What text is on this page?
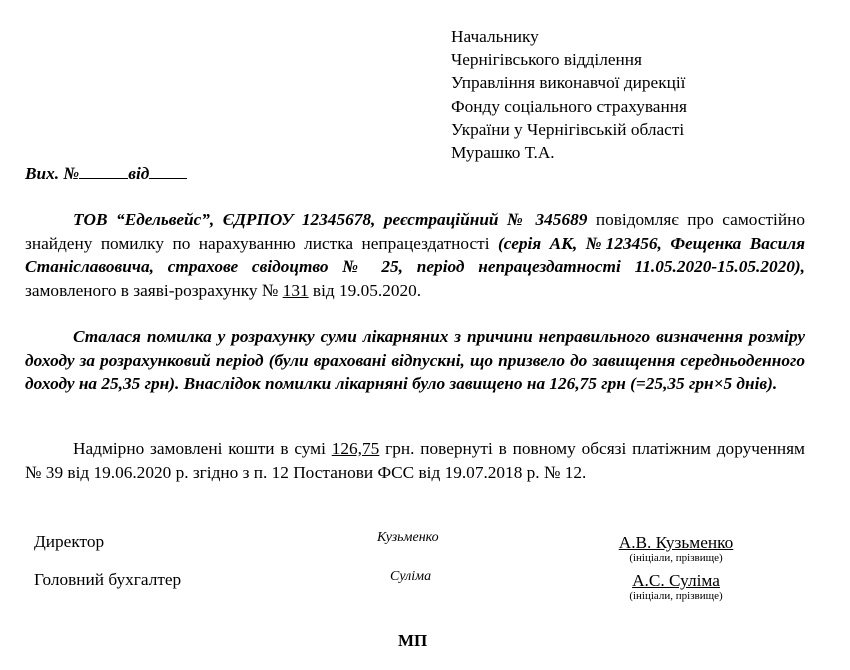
Начальнику
Чернігівського відділення
Управління виконавчої дирекції
Фонду соціального страхування
України у Чернігівській області
Мурашко Т.А.
Вих. №	від

ТОВ “Едельвейс”, ЄДРПОУ 12345678, реєстраційний № 345689 повідомляє про самостійно знайдену помилку по нарахуванню листка непрацездатності (серія АК, №123456, Фещенка Василя Станіславовича, страхове свідоцтво № 25, період непрацездатності 11.05.2020-15.05.2020), замовленого в заяві-розрахунку № 131 від 19.05.2020.

Сталася помилка у розрахунку суми лікарняних з причини неправильного визначення розміру доходу за розрахунковий період (були враховані відпускні, що призвело до завищення середньоденного доходу на 25,35 грн). Внаслідок помилки лікарняні було завищено на 126,75 грн (=25,35 грн×5 днів).

Надмірно замовлені кошти в сумі 126,75 грн. повернуті в повному обсязі платіжним дорученням № 39 від 19.06.2020 р. згідно з п. 12 Постанови ФСС від 19.07.2018 р. № 12.

Директор	Кузьменко	А.В. Кузьменко
(ініціали, прізвище)
Головний бухгалтер	Суліма	А.С. Суліма
(ініціали, прізвище)
МП
